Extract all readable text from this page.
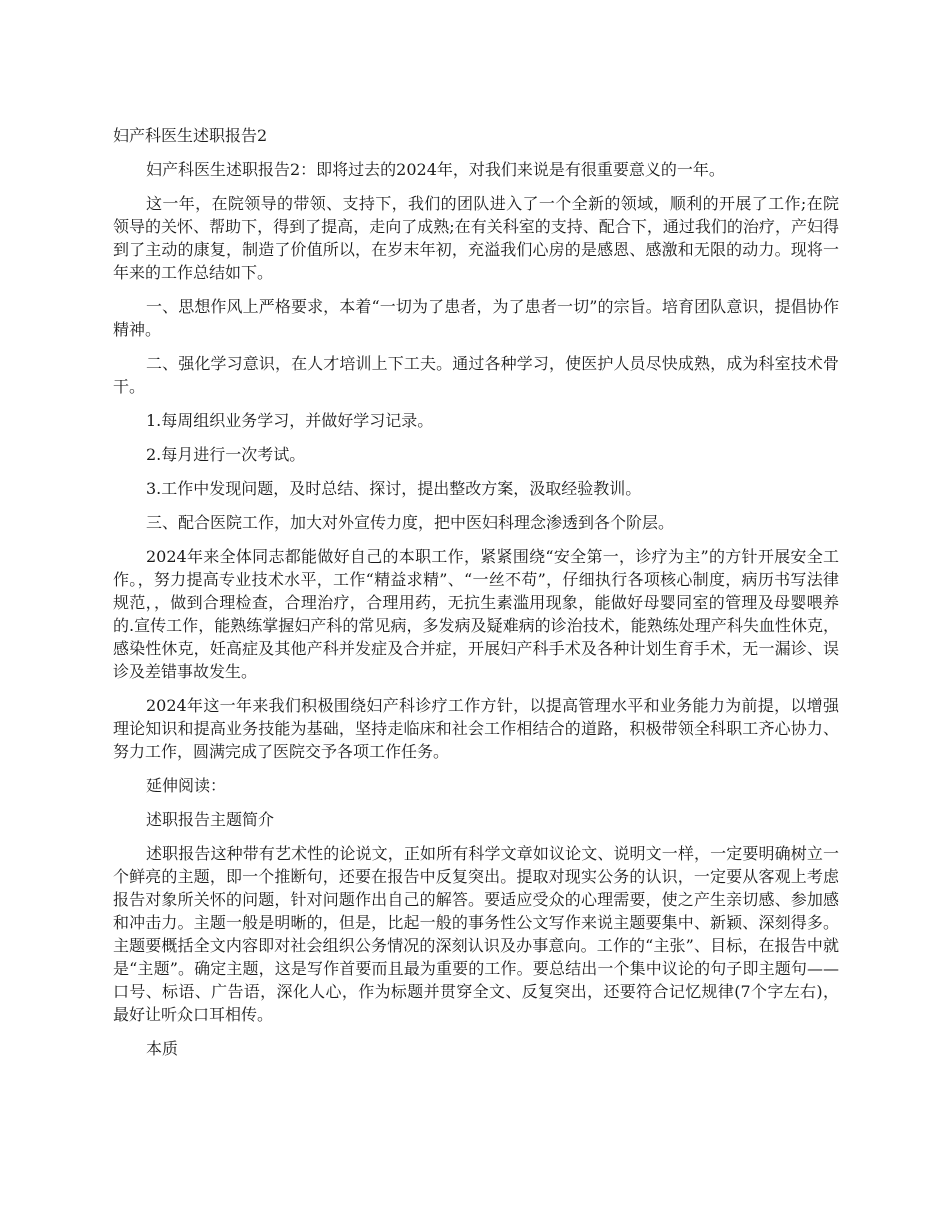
妇产科医生述职报告2

妇产科医生述职报告2：即将过去的2024年，对我们来说是有很重要意义的一年。

这一年，在院领导的带领、支持下，我们的团队进入了一个全新的领域，顺利的开展了工作;在院领导的关怀、帮助下，得到了提高，走向了成熟;在有关科室的支持、配合下，通过我们的治疗，产妇得到了主动的康复，制造了价值所以，在岁末年初，充溢我们心房的是感恩、感激和无限的动力。现将一年来的工作总结如下。

一、思想作风上严格要求，本着“一切为了患者，为了患者一切”的宗旨。培育团队意识，提倡协作精神。

二、强化学习意识，在人才培训上下工夫。通过各种学习，使医护人员尽快成熟，成为科室技术骨干。

1.每周组织业务学习，并做好学习记录。

2.每月进行一次考试。

3.工作中发现问题，及时总结、探讨，提出整改方案，汲取经验教训。

三、配合医院工作，加大对外宣传力度，把中医妇科理念渗透到各个阶层。

2024年来全体同志都能做好自己的本职工作，紧紧围绕“安全第一，诊疗为主”的方针开展安全工作。，努力提高专业技术水平，工作“精益求精”、“一丝不苟”，仔细执行各项核心制度，病历书写法律规范，，做到合理检查，合理治疗，合理用药，无抗生素滥用现象，能做好母婴同室的管理及母婴喂养的.宣传工作，能熟练掌握妇产科的常见病，多发病及疑难病的诊治技术，能熟练处理产科失血性休克，感染性休克，妊高症及其他产科并发症及合并症，开展妇产科手术及各种计划生育手术，无一漏诊、误诊及差错事故发生。

2024年这一年来我们积极围绕妇产科诊疗工作方针，以提高管理水平和业务能力为前提，以增强理论知识和提高业务技能为基础，坚持走临床和社会工作相结合的道路，积极带领全科职工齐心协力、努力工作，圆满完成了医院交予各项工作任务。

延伸阅读：

述职报告主题简介

述职报告这种带有艺术性的论说文，正如所有科学文章如议论文、说明文一样，一定要明确树立一个鲜亮的主题，即一个推断句，还要在报告中反复突出。提取对现实公务的认识，一定要从客观上考虑报告对象所关怀的问题，针对问题作出自己的解答。要适应受众的心理需要，使之产生亲切感、参加感和冲击力。主题一般是明晰的，但是，比起一般的事务性公文写作来说主题要集中、新颖、深刻得多。主题要概括全文内容即对社会组织公务情况的深刻认识及办事意向。工作的“主张”、目标，在报告中就是“主题”。确定主题，这是写作首要而且最为重要的工作。要总结出一个集中议论的句子即主题句——口号、标语、广告语，深化人心，作为标题并贯穿全文、反复突出，还要符合记忆规律(7个字左右)，最好让听众口耳相传。

本质
